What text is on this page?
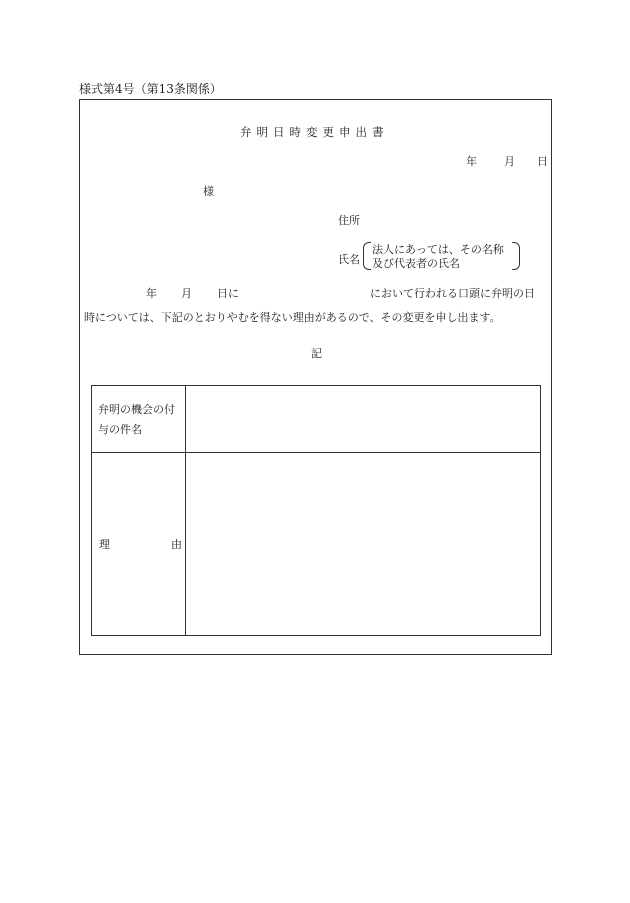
様式第4号（第13条関係）
弁明日時変更申出書
年 月 日
様
住所
氏名
法人にあっては、その名称
及び代表者の氏名
年 月 日に	において行われる口頭に弁明の日
時については、下記のとおりやむを得ない理由があるので、その変更を申し出ます。
記
弁明の機会の付
与の件名
理	由
